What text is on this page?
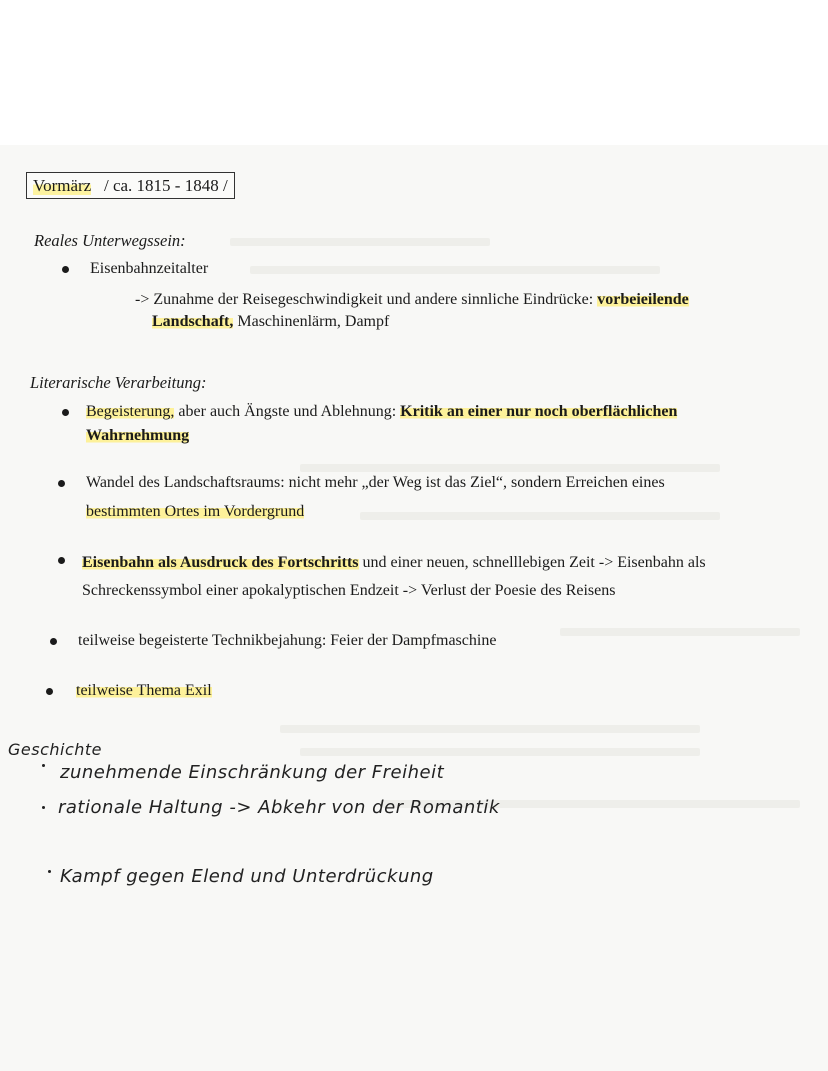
Vormärz / ca. 1815 - 1848 /
Reales Unterwegssein:
Eisenbahnzeitalter
-> Zunahme der Reisegeschwindigkeit und andere sinnliche Eindrücke: vorbeieilende
Landschaft, Maschinenlärm, Dampf
Literarische Verarbeitung:
Begeisterung, aber auch Ängste und Ablehnung: Kritik an einer nur noch oberflächlichen
Wahrnehmung
Wandel des Landschaftsraums: nicht mehr „der Weg ist das Ziel“, sondern Erreichen eines
bestimmten Ortes im Vordergrund
Eisenbahn als Ausdruck des Fortschritts und einer neuen, schnelllebigen Zeit -> Eisenbahn als
Schreckenssymbol einer apokalyptischen Endzeit -> Verlust der Poesie des Reisens
teilweise begeisterte Technikbejahung: Feier der Dampfmaschine
teilweise Thema Exil
Geschichte
zunehmende Einschränkung der Freiheit
rationale Haltung -> Abkehr von der Romantik
Kampf gegen Elend und Unterdrückung
